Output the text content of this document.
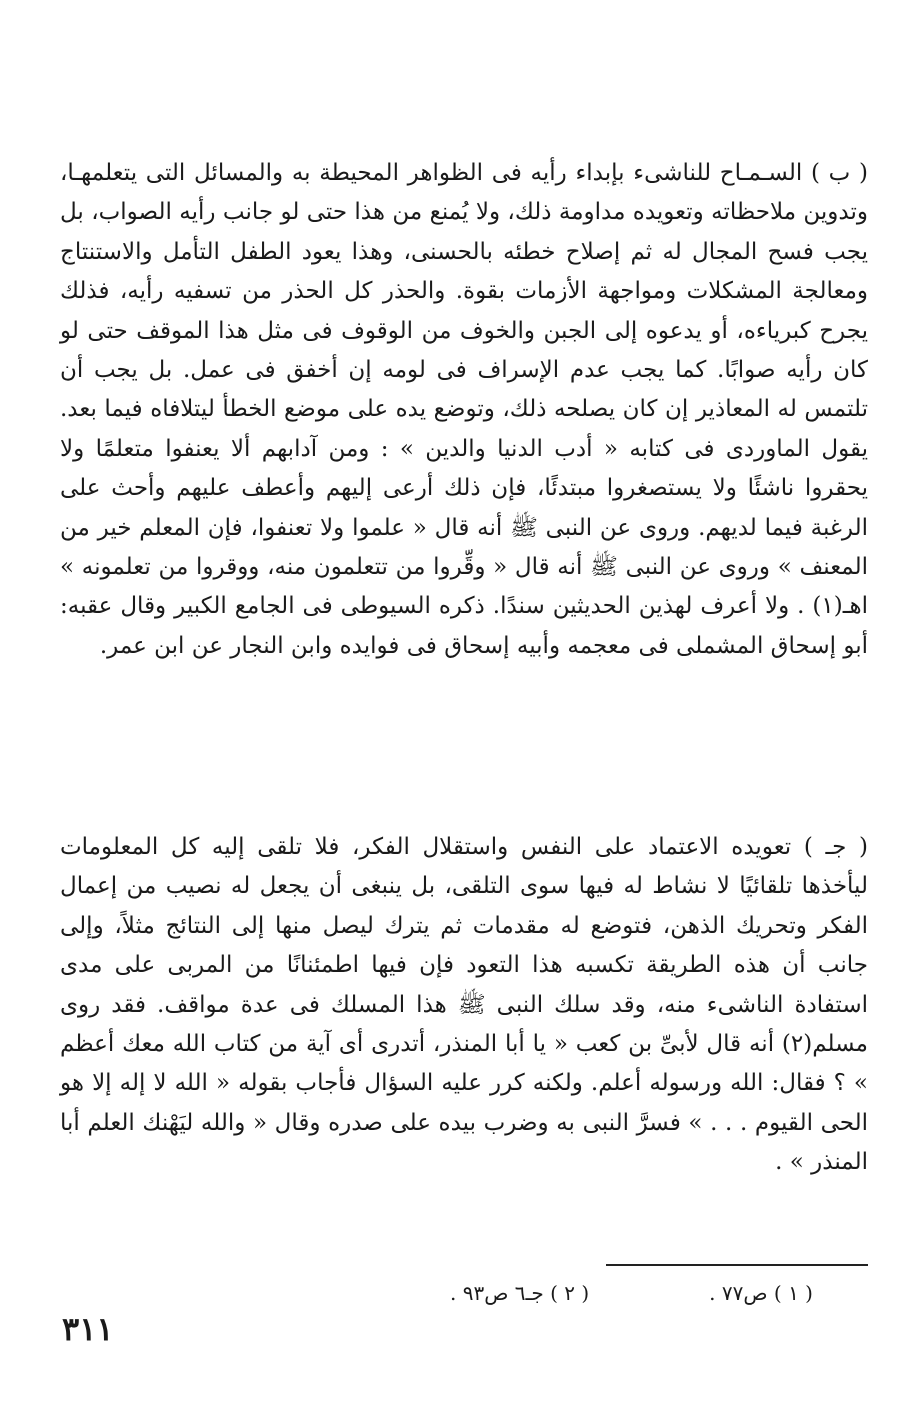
( ب ) السـمـاح للناشىء بإبداء رأيه فى الظواهر المحيطة به والمسائل التى يتعلمهـا، وتدوين ملاحظاته وتعويده مداومة ذلك، ولا يُمنع من هذا حتى لو جانب رأيه الصواب، بل يجب فسح المجال له ثم إصلاح خطئه بالحسنى، وهذا يعود الطفل التأمل والاستنتاج ومعالجة المشكلات ومواجهة الأزمات بقوة. والحذر كل الحذر من تسفيه رأيه، فذلك يجرح كبرياءه، أو يدعوه إلى الجبن والخوف من الوقوف فى مثل هذا الموقف حتى لو كان رأيه صوابًا. كما يجب عدم الإسراف فى لومه إن أخفق فى عمل. بل يجب أن تلتمس له المعاذير إن كان يصلحه ذلك، وتوضع يده على موضع الخطأ ليتلافاه فيما بعد. يقول الماوردى فى كتابه « أدب الدنيا والدين » : ومن آدابهم ألا يعنفوا متعلمًا ولا يحقروا ناشئًا ولا يستصغروا مبتدئًا، فإن ذلك أرعى إليهم وأعطف عليهم وأحث على الرغبة فيما لديهم. وروى عن النبى ﷺ أنه قال « علموا ولا تعنفوا، فإن المعلم خير من المعنف » وروى عن النبى ﷺ أنه قال « وقِّروا من تتعلمون منه، ووقروا من تعلمونه » اهـ(١) . ولا أعرف لهذين الحديثين سندًا. ذكره السيوطى فى الجامع الكبير وقال عقبه: أبو إسحاق المشملى فى معجمه وأبيه إسحاق فى فوايده وابن النجار عن ابن عمر.

( جـ ) تعويده الاعتماد على النفس واستقلال الفكر، فلا تلقى إليه كل المعلومات ليأخذها تلقائيًا لا نشاط له فيها سوى التلقى، بل ينبغى أن يجعل له نصيب من إعمال الفكر وتحريك الذهن، فتوضع له مقدمات ثم يترك ليصل منها إلى النتائج مثلاً، وإلى جانب أن هذه الطريقة تكسبه هذا التعود فإن فيها اطمئنانًا من المربى على مدى استفادة الناشىء منه، وقد سلك النبى ﷺ هذا المسلك فى عدة مواقف. فقد روى مسلم(٢) أنه قال لأبىِّ بن كعب « يا أبا المنذر، أتدرى أى آية من كتاب الله معك أعظم » ؟ فقال: الله ورسوله أعلم. ولكنه كرر عليه السؤال فأجاب بقوله « الله لا إله إلا هو الحى القيوم . . . » فسرَّ النبى به وضرب بيده على صدره وقال « والله ليَهْنك العلم أبا المنذر » .

( ١ ) ص٧٧ .
( ٢ ) جـ٦ ص٩٣ .
٣١١
